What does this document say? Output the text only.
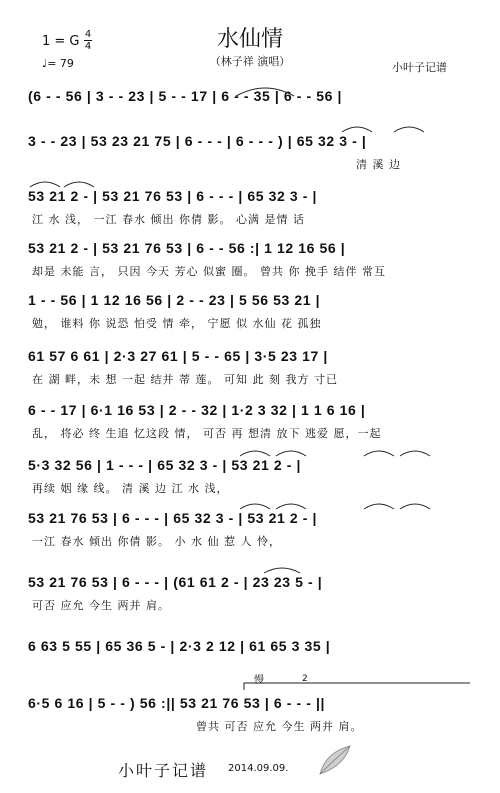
1 = G 4
4
♩= 79
水仙情
（林子祥 演唱）	小叶子记谱
(6 - - 56 | 3 - - 23 | 5 - - 17 | 6 - - 35 | 6 - - 56 |
3 - - 23 | 53 23 21 75 | 6 - - - | 6 - - - ) | 65 32 3 - |
清 溪 边
53 21 2 - | 53 21 76 53 | 6 - - - | 65 32 3 - |
江 水 浅， 一江 春水 倾出 你倩 影。 心满 是情 话
53 21 2 - | 53 21 76 53 | 6 - - 56 :| 1 12 16 56 |
却是 未能 言， 只因 今天 芳心 似蜜 圈。 曾共 你 挽手 结伴 常互
1 - - 56 | 1 12 16 56 | 2 - - 23 | 5 56 53 21 |
勉， 谁料 你 说恐 怕受 情 牵， 宁愿 似 水仙 花 孤独
61 57 6 61 | 2·3 27 61 | 5 - - 65 | 3·5 23 17 |
在 湖 畔，未 想 一起 结并 蒂 莲。 可知 此 刻 我方 寸已
6 - - 17 | 6·1 16 53 | 2 - - 32 | 1·2 3 32 | 1 1 6 16 |
乱， 将必 终 生追 忆这段 情， 可否 再 想清 放下 逃爱 愿，一起
5·3 32 56 | 1 - - - | 65 32 3 - | 53 21 2 - |
再续 姻 缘 线。 清 溪 边 江 水 浅，
53 21 76 53 | 6 - - - | 65 32 3 - | 53 21 2 - |
一江 春水 倾出 你倩 影。 小 水 仙 惹 人 怜，
53 21 76 53 | 6 - - - | (61 61 2 - | 23 23 5 - |
可否 应允 今生 两并 肩。
6 63 5 55 | 65 36 5 - | 2·3 2 12 | 61 65 3 35 |
6·5 6 16 | 5 - - ) 56 :|| 53 21 76 53 | 6 - - - ||
曾共 可否 应允 今生 两并 肩。
慢	2
小叶子记谱 2014.09.09.
